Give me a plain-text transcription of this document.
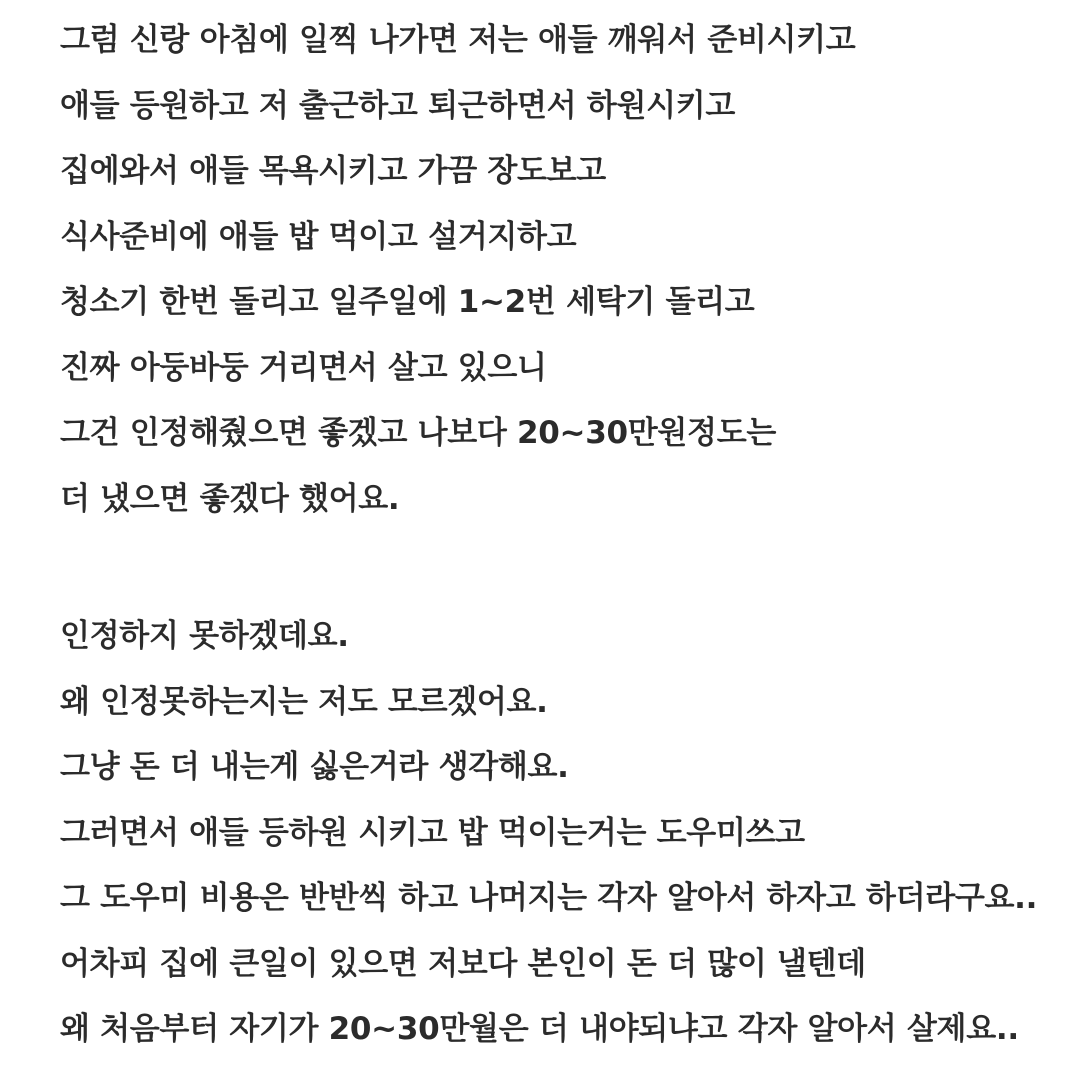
그럼 신랑 아침에 일찍 나가면 저는 애들 깨워서 준비시키고
애들 등원하고 저 출근하고 퇴근하면서 하원시키고
집에와서 애들 목욕시키고 가끔 장도보고
식사준비에 애들 밥 먹이고 설거지하고
청소기 한번 돌리고 일주일에 1~2번 세탁기 돌리고
진짜 아둥바둥 거리면서 살고 있으니
그건 인정해줬으면 좋겠고 나보다 20~30만원정도는
더 냈으면 좋겠다 했어요.
인정하지 못하겠데요.
왜 인정못하는지는 저도 모르겠어요.
그냥 돈 더 내는게 싫은거라 생각해요.
그러면서 애들 등하원 시키고 밥 먹이는거는 도우미쓰고
그 도우미 비용은 반반씩 하고 나머지는 각자 알아서 하자고 하더라구요..
어차피 집에 큰일이 있으면 저보다 본인이 돈 더 많이 낼텐데
왜 처음부터 자기가 20~30만월은 더 내야되냐고 각자 알아서 살제요..
